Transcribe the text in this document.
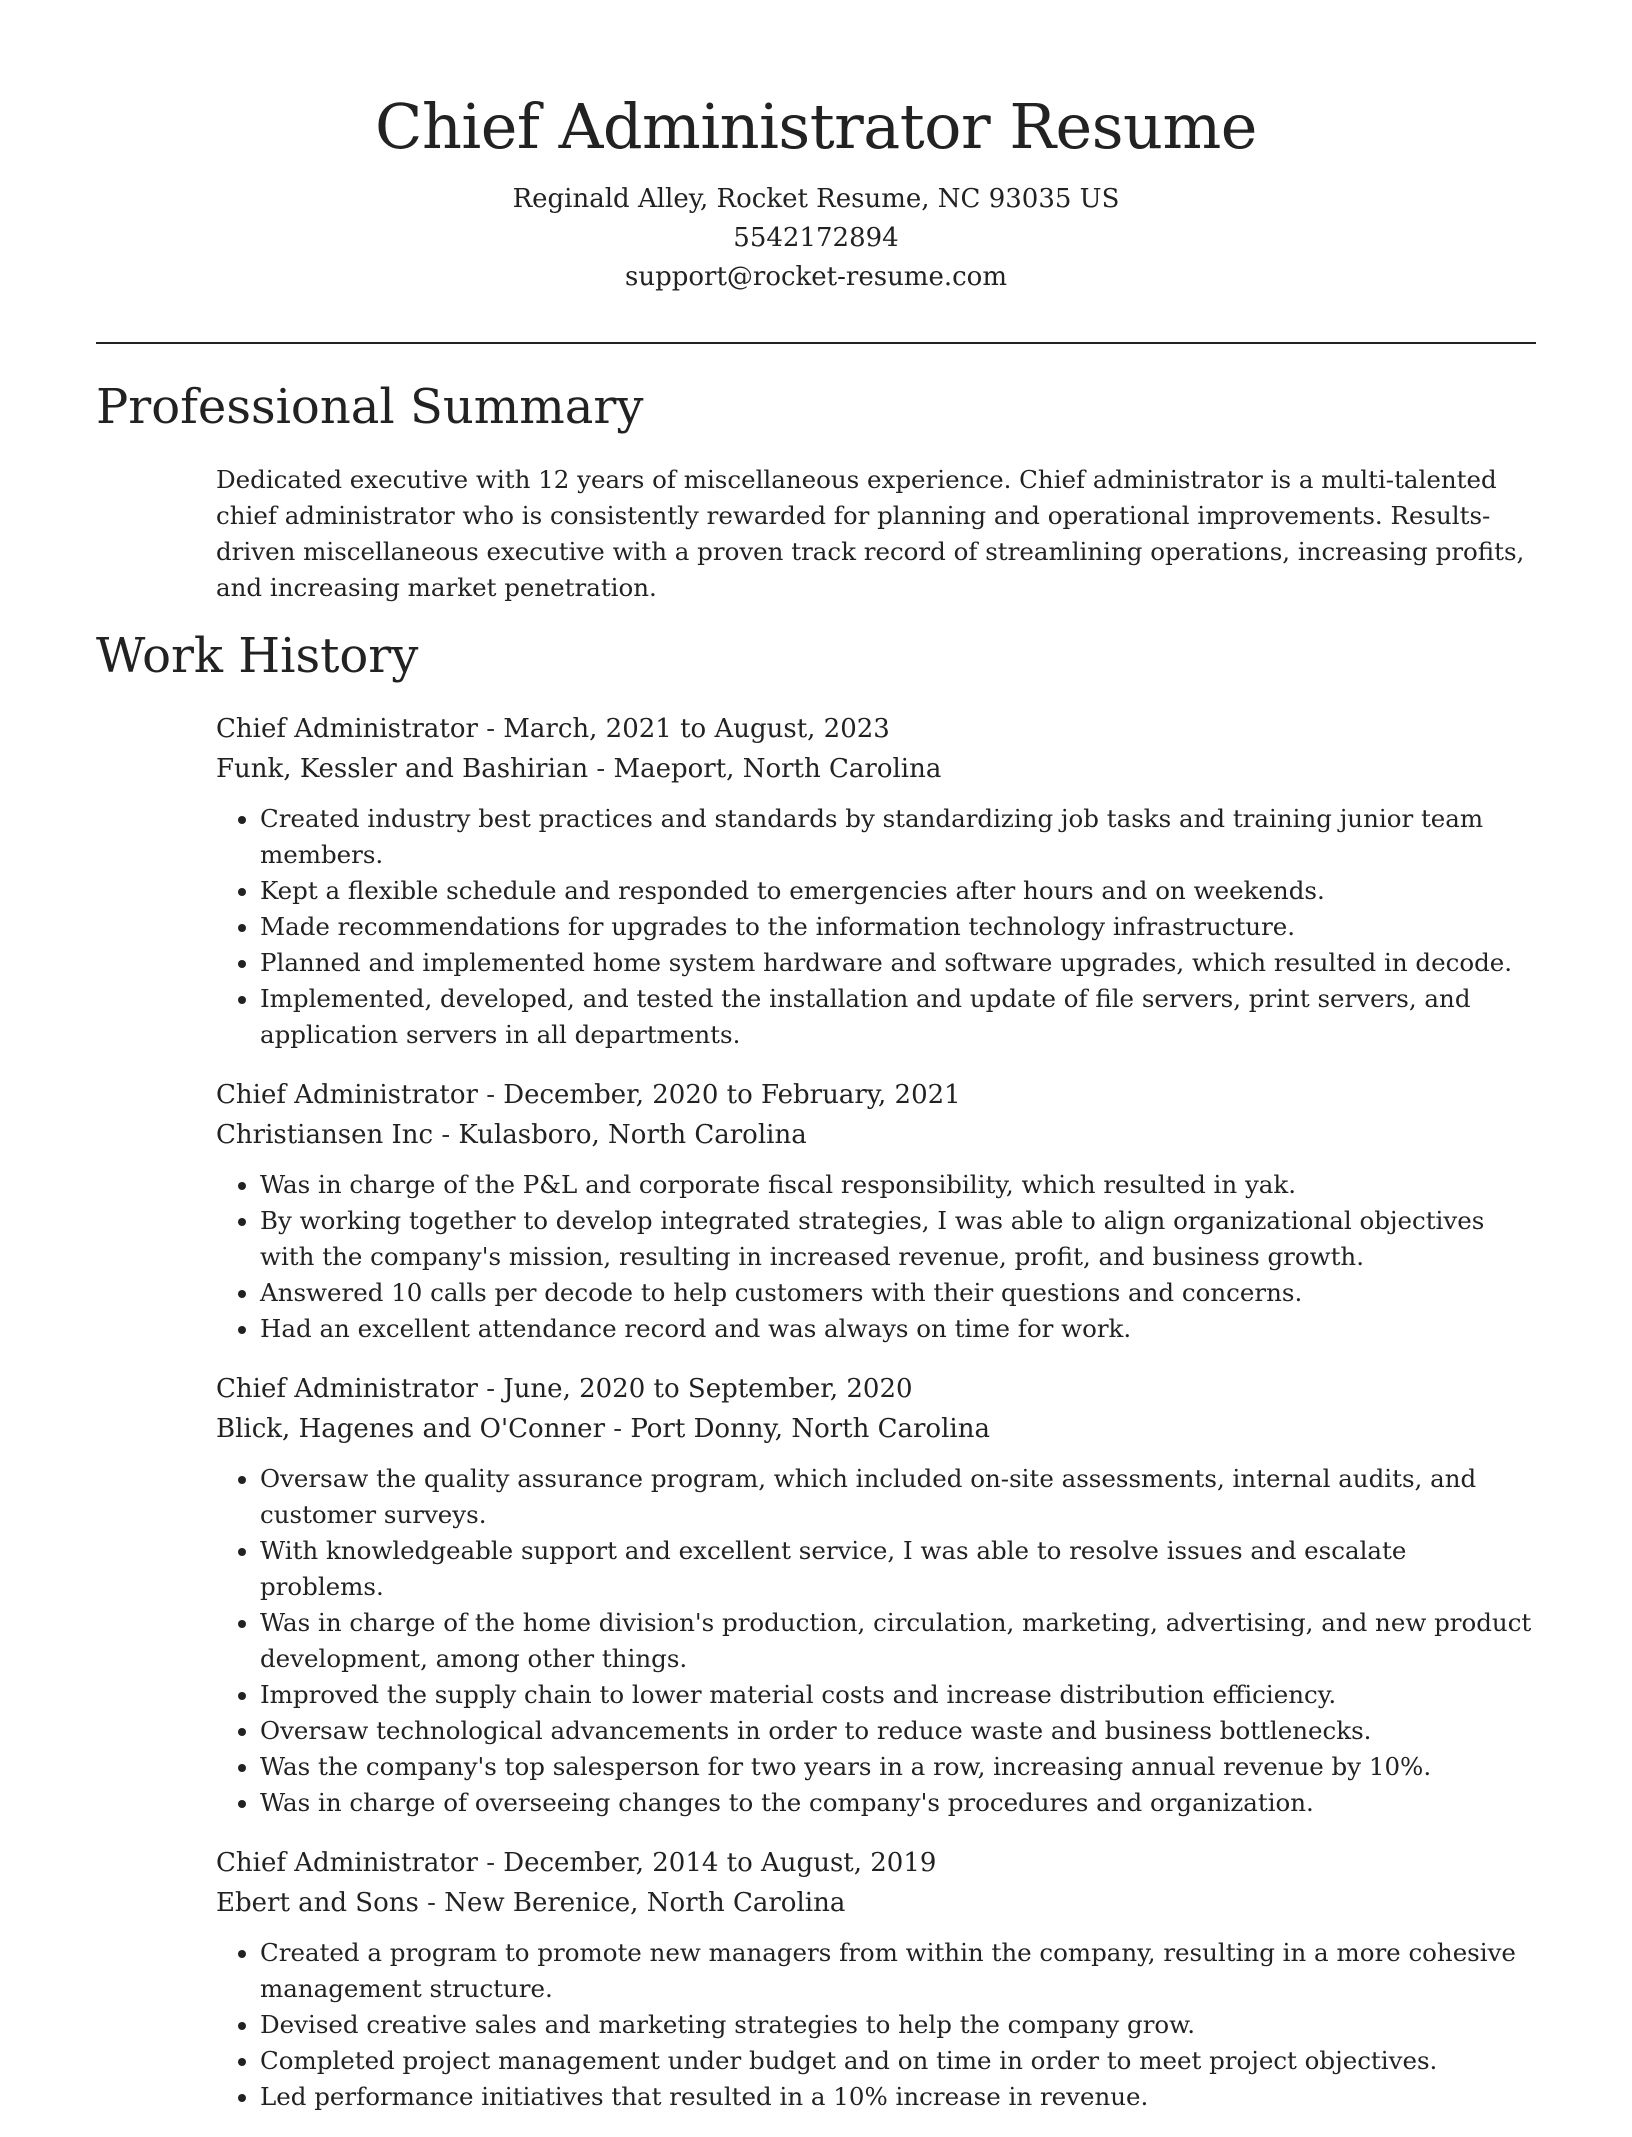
Chief Administrator Resume
Reginald Alley, Rocket Resume, NC 93035 US
5542172894
support@rocket-resume.com
Professional Summary

Dedicated executive with 12 years of miscellaneous experience. Chief administrator is a multi-talented chief administrator who is consistently rewarded for planning and operational improvements. Results-driven miscellaneous executive with a proven track record of streamlining operations, increasing profits, and increasing market penetration.

Work History
Chief Administrator - March, 2021 to August, 2023
Funk, Kessler and Bashirian - Maeport, North Carolina
• Created industry best practices and standards by standardizing job tasks and training junior team members.
• Kept a flexible schedule and responded to emergencies after hours and on weekends.
• Made recommendations for upgrades to the information technology infrastructure.
• Planned and implemented home system hardware and software upgrades, which resulted in decode.
• Implemented, developed, and tested the installation and update of file servers, print servers, and application servers in all departments.
Chief Administrator - December, 2020 to February, 2021
Christiansen Inc - Kulasboro, North Carolina
• Was in charge of the P&L and corporate fiscal responsibility, which resulted in yak.
• By working together to develop integrated strategies, I was able to align organizational objectives with the company's mission, resulting in increased revenue, profit, and business growth.
• Answered 10 calls per decode to help customers with their questions and concerns.
• Had an excellent attendance record and was always on time for work.
Chief Administrator - June, 2020 to September, 2020
Blick, Hagenes and O'Conner - Port Donny, North Carolina
• Oversaw the quality assurance program, which included on-site assessments, internal audits, and customer surveys.
• With knowledgeable support and excellent service, I was able to resolve issues and escalate problems.
• Was in charge of the home division's production, circulation, marketing, advertising, and new product development, among other things.
• Improved the supply chain to lower material costs and increase distribution efficiency.
• Oversaw technological advancements in order to reduce waste and business bottlenecks.
• Was the company's top salesperson for two years in a row, increasing annual revenue by 10%.
• Was in charge of overseeing changes to the company's procedures and organization.
Chief Administrator - December, 2014 to August, 2019
Ebert and Sons - New Berenice, North Carolina
• Created a program to promote new managers from within the company, resulting in a more cohesive management structure.
• Devised creative sales and marketing strategies to help the company grow.
• Completed project management under budget and on time in order to meet project objectives.
• Led performance initiatives that resulted in a 10% increase in revenue.
